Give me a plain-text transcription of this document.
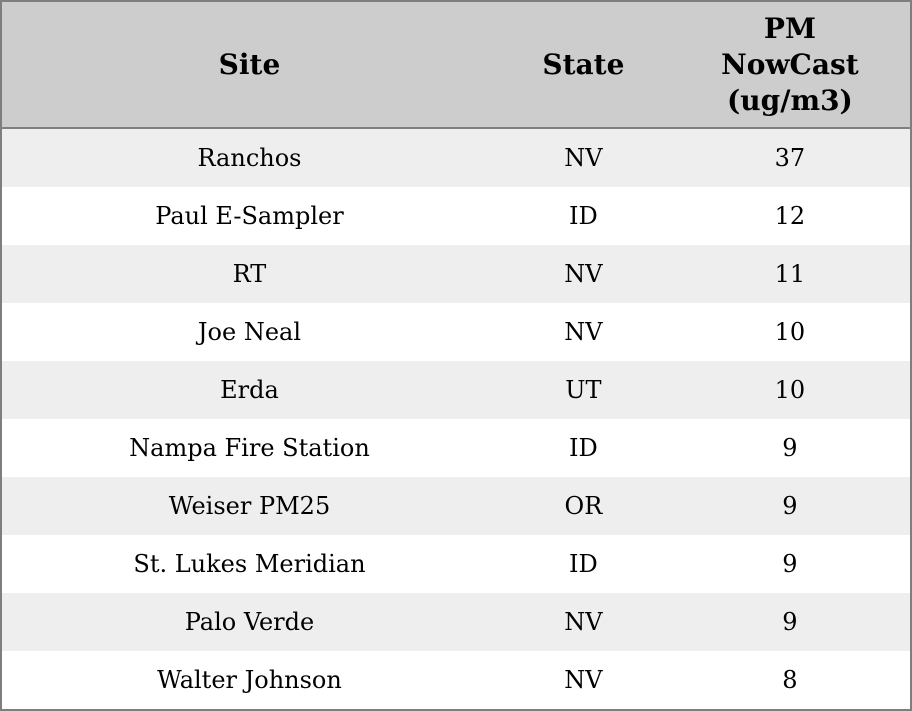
Site	State	PM
NowCast
(ug/m3)

Ranchos	NV	37
Paul E-Sampler	ID	12
RT	NV	11
Joe Neal	NV	10
Erda	UT	10
Nampa Fire Station	ID	9
Weiser PM25	OR	9
St. Lukes Meridian	ID	9
Palo Verde	NV	9
Walter Johnson	NV	8
